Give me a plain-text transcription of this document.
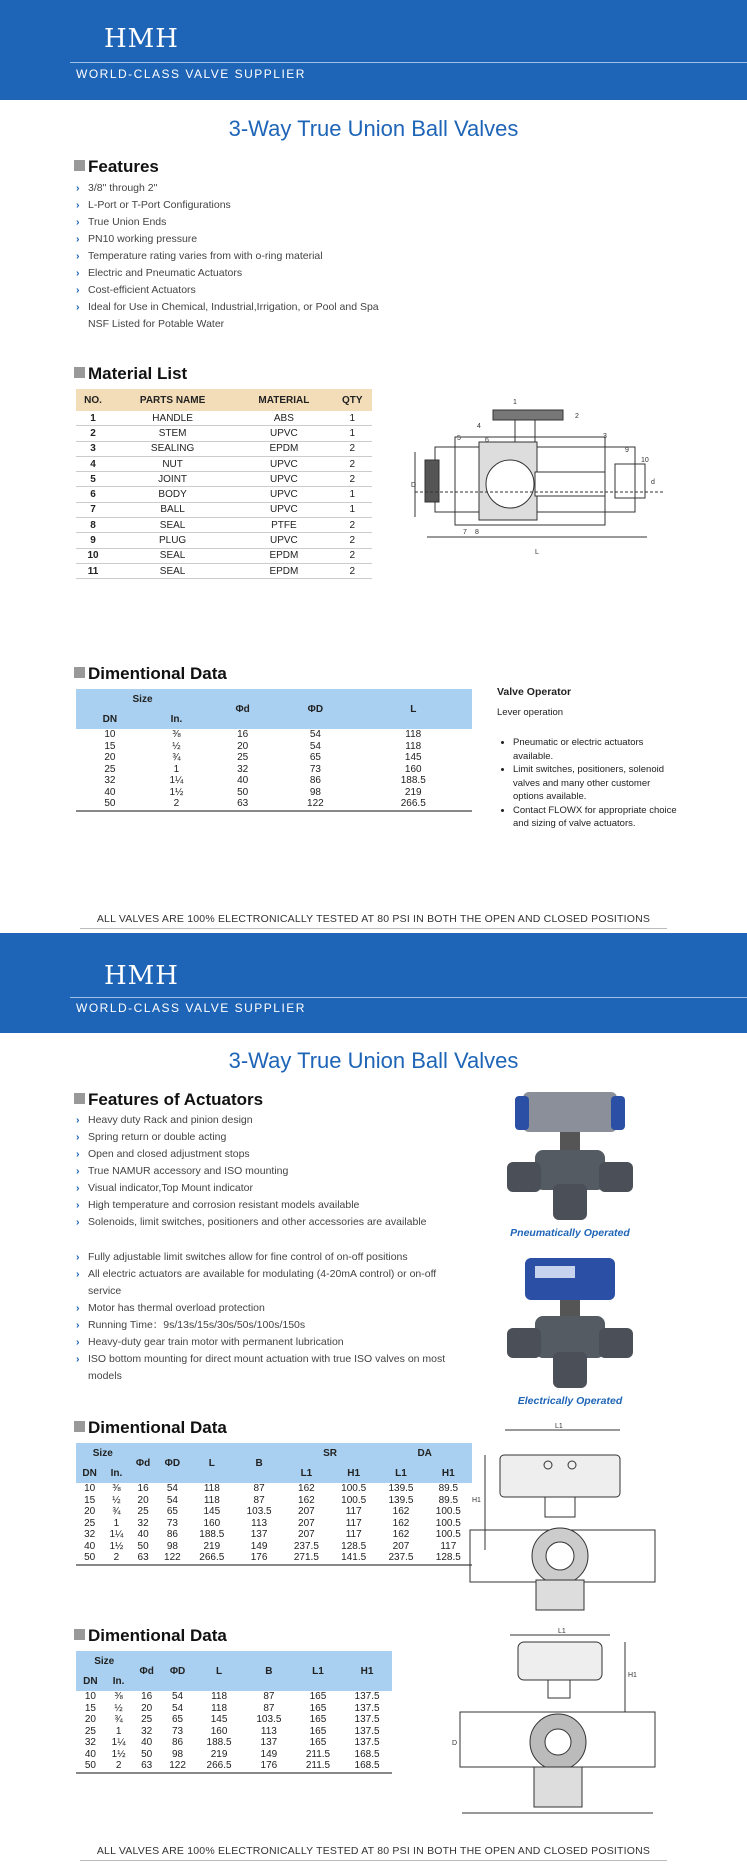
HMH
WORLD-CLASS VALVE SUPPLIER
3-Way True Union Ball Valves
Features
› 3/8" through 2"
› L-Port or T-Port Configurations
› True Union Ends
› PN10 working pressure
› Temperature rating varies from with o-ring material
› Electric and Pneumatic Actuators
› Cost-efficient Actuators
› Ideal for Use in Chemical, Industrial,Irrigation, or Pool and Spa NSF Listed for Potable Water
Material List
NO.	PARTS NAME	MATERIAL	QTY
1	HANDLE	ABS	1
2	STEM	UPVC	1
3	SEALING	EPDM	2
4	NUT	UPVC	2
5	JOINT	UPVC	2
6	BODY	UPVC	1
7	BALL	UPVC	1
8	SEAL	PTFE	2
9	PLUG	UPVC	2
10	SEAL	EPDM	2
11	SEAL	EPDM	2
1
2
3
4
5	6
7 8
9
10
L
D	d
Dimentional Data
Size		Φd	ΦD	L
DN	In.			
10	⅜	16	54	118
15	½	20	54	118
20	¾	25	65	145
25	1	32	73	160
32	1¼	40	86	188.5
40	1½	50	98	219
50	2	63	122	266.5
Valve Operator
Lever operation
• Pneumatic or electric actuators available.
• Limit switches, positioners, solenoid valves and many other customer options available.
• Contact FLOWX for appropriate choice and sizing of valve actuators.
ALL VALVES ARE 100% ELECTRONICALLY TESTED AT 80 PSI IN BOTH THE OPEN AND CLOSED POSITIONS
HMH
WORLD-CLASS VALVE SUPPLIER
3-Way True Union Ball Valves
Features of Actuators
› Heavy duty Rack and pinion design
› Spring return or double acting
› Open and closed adjustment stops
› True NAMUR accessory and ISO mounting
› Visual indicator,Top Mount indicator
› High temperature and corrosion resistant models available
› Solenoids, limit switches, positioners and other accessories are available
› Fully adjustable limit switches allow for fine control of on-off positions
› All electric actuators are available for modulating (4-20mA control) or on-off service
› Motor has thermal overload protection
› Running Time：9s/13s/15s/30s/50s/100s/150s
› Heavy-duty gear train motor with permanent lubrication
› ISO bottom mounting for direct mount actuation with true ISO valves on most models
Pneumatically Operated
Electrically Operated
Dimentional Data
Size		Φd	ΦD	L	B	SR		DA	
DN	In.					L1	H1	L1	H1
10	⅜	16	54	118	87	162	100.5	139.5	89.5
15	½	20	54	118	87	162	100.5	139.5	89.5
20	¾	25	65	145	103.5	207	117	162	100.5
25	1	32	73	160	113	207	117	162	100.5
32	1¼	40	86	188.5	137	207	117	162	100.5
40	1½	50	98	219	149	237.5	128.5	207	117
50	2	63	122	266.5	176	271.5	141.5	237.5	128.5
L1
H1
Dimentional Data
Size		Φd	ΦD	L	B	L1	H1
DN	In.						
10	⅜	16	54	118	87	165	137.5
15	½	20	54	118	87	165	137.5
20	¾	25	65	145	103.5	165	137.5
25	1	32	73	160	113	165	137.5
32	1¼	40	86	188.5	137	165	137.5
40	1½	50	98	219	149	211.5	168.5
50	2	63	122	266.5	176	211.5	168.5
L1
H1
D
ALL VALVES ARE 100% ELECTRONICALLY TESTED AT 80 PSI IN BOTH THE OPEN AND CLOSED POSITIONS
